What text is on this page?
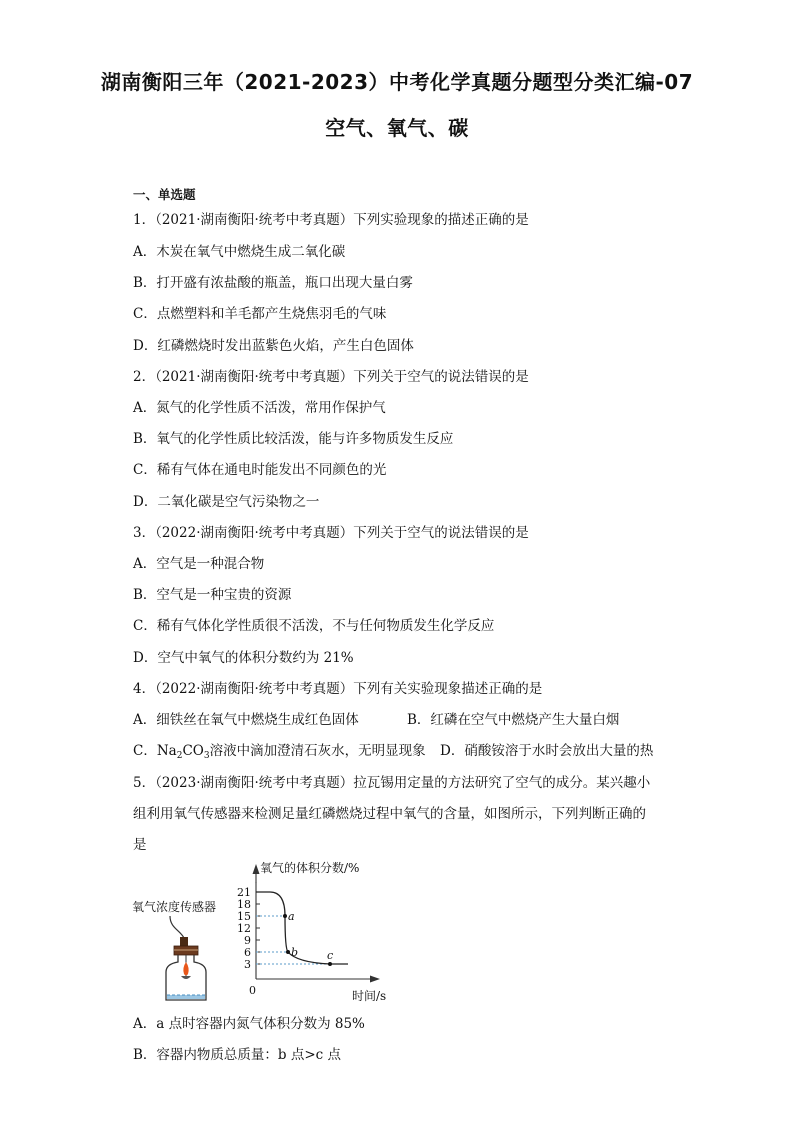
湖南衡阳三年（2021-2023）中考化学真题分题型分类汇编-07
空气、氧气、碳
一、单选题
1．（2021·湖南衡阳·统考中考真题）下列实验现象的描述正确的是
A．木炭在氧气中燃烧生成二氧化碳
B．打开盛有浓盐酸的瓶盖，瓶口出现大量白雾
C．点燃塑料和羊毛都产生烧焦羽毛的气味
D．红磷燃烧时发出蓝紫色火焰，产生白色固体
2．（2021·湖南衡阳·统考中考真题）下列关于空气的说法错误的是
A．氮气的化学性质不活泼，常用作保护气
B．氧气的化学性质比较活泼，能与许多物质发生反应
C．稀有气体在通电时能发出不同颜色的光
D．二氧化碳是空气污染物之一
3．（2022·湖南衡阳·统考中考真题）下列关于空气的说法错误的是
A．空气是一种混合物
B．空气是一种宝贵的资源
C．稀有气体化学性质很不活泼，不与任何物质发生化学反应
D．空气中氧气的体积分数约为 21%
4．（2022·湖南衡阳·统考中考真题）下列有关实验现象描述正确的是
A．细铁丝在氧气中燃烧生成红色固体	B．红磷在空气中燃烧产生大量白烟
C．$Na_2CO_3$溶液中滴加澄清石灰水，无明显现象 D．硝酸铵溶于水时会放出大量的热
5．（2023·湖南衡阳·统考中考真题）拉瓦锡用定量的方法研究了空气的成分。某兴趣小
组利用氧气传感器来检测足量红磷燃烧过程中氧气的含量，如图所示，下列判断正确的
是
氧气浓度传感器
氧气的体积分数/%
时间/s
0
21
18
15
12
9
6
3
a
b	c
A．a 点时容器内氮气体积分数为 85%
B．容器内物质总质量：b 点>c 点
